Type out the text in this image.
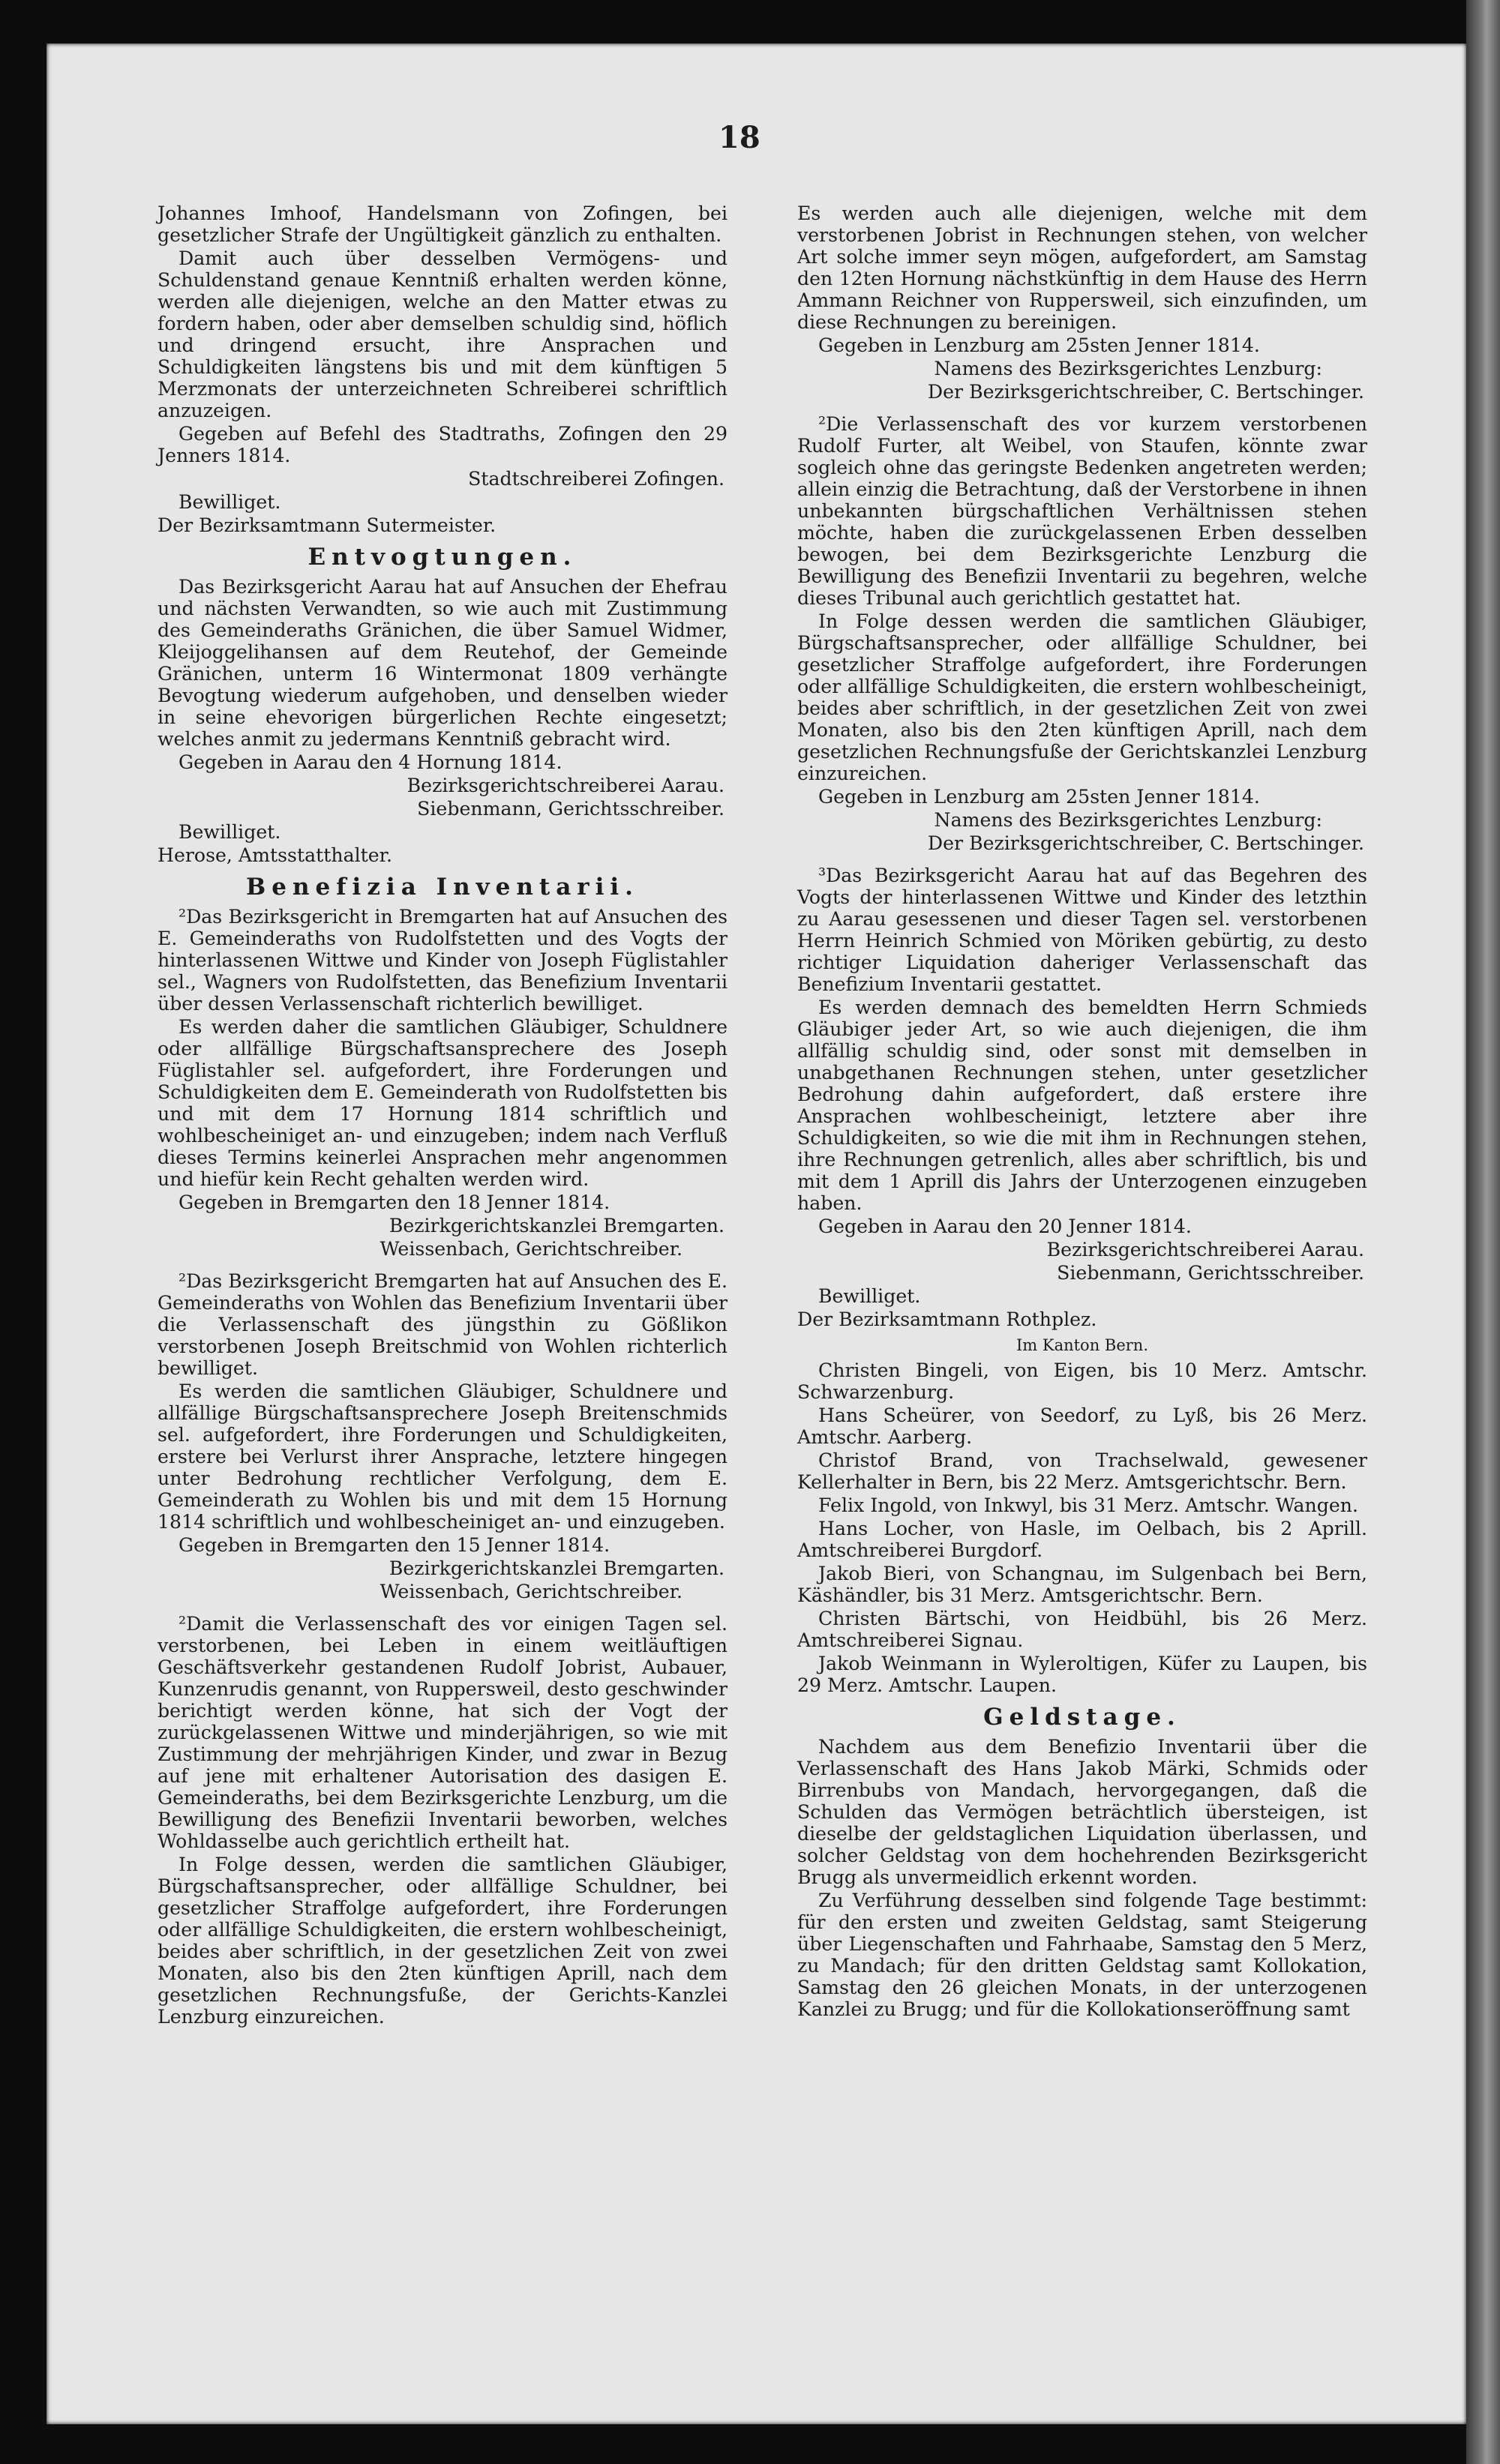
18

Johannes Imhoof, Handelsmann von Zofingen, bei gesetzlicher Strafe der Ungültigkeit gänzlich zu enthalten.

Damit auch über desselben Vermögens- und Schuldenstand genaue Kenntniß erhalten werden könne, werden alle diejenigen, welche an den Matter etwas zu fordern haben, oder aber demselben schuldig sind, höflich und dringend ersucht, ihre Ansprachen und Schuldigkeiten längstens bis und mit dem künftigen 5 Merzmonats der unterzeichneten Schreiberei schriftlich anzuzeigen.

Gegeben auf Befehl des Stadtraths, Zofingen den 29 Jenners 1814.

Stadtschreiberei Zofingen.

Bewilliget.

Der Bezirksamtmann Sutermeister.

Entvogtungen.

Das Bezirksgericht Aarau hat auf Ansuchen der Ehefrau und nächsten Verwandten, so wie auch mit Zustimmung des Gemeinderaths Gränichen, die über Samuel Widmer, Kleijoggelihansen auf dem Reutehof, der Gemeinde Gränichen, unterm 16 Wintermonat 1809 verhängte Bevogtung wiederum aufgehoben, und denselben wieder in seine ehevorigen bürgerlichen Rechte eingesetzt; welches anmit zu jedermans Kenntniß gebracht wird.

Gegeben in Aarau den 4 Hornung 1814.

Bezirksgerichtschreiberei Aarau.

Siebenmann, Gerichtsschreiber.

Bewilliget.

Herose, Amtsstatthalter.

Benefizia Inventarii.

²Das Bezirksgericht in Bremgarten hat auf Ansuchen des E. Gemeinderaths von Rudolfstetten und des Vogts der hinterlassenen Wittwe und Kinder von Joseph Füglistahler sel., Wagners von Rudolfstetten, das Benefizium Inventarii über dessen Verlassenschaft richterlich bewilliget.

Es werden daher die samtlichen Gläubiger, Schuldnere oder allfällige Bürgschaftsansprechere des Joseph Füglistahler sel. aufgefordert, ihre Forderungen und Schuldigkeiten dem E. Gemeinderath von Rudolfstetten bis und mit dem 17 Hornung 1814 schriftlich und wohlbescheiniget an- und einzugeben; indem nach Verfluß dieses Termins keinerlei Ansprachen mehr angenommen und hiefür kein Recht gehalten werden wird.

Gegeben in Bremgarten den 18 Jenner 1814.

Bezirkgerichtskanzlei Bremgarten.

Weissenbach, Gerichtschreiber.

²Das Bezirksgericht Bremgarten hat auf Ansuchen des E. Gemeinderaths von Wohlen das Benefizium Inventarii über die Verlassenschaft des jüngsthin zu Gößlikon verstorbenen Joseph Breitschmid von Wohlen richterlich bewilliget.

Es werden die samtlichen Gläubiger, Schuldnere und allfällige Bürgschaftsansprechere Joseph Breitenschmids sel. aufgefordert, ihre Forderungen und Schuldigkeiten, erstere bei Verlurst ihrer Ansprache, letztere hingegen unter Bedrohung rechtlicher Verfolgung, dem E. Gemeinderath zu Wohlen bis und mit dem 15 Hornung 1814 schriftlich und wohlbescheiniget an- und einzugeben.

Gegeben in Bremgarten den 15 Jenner 1814.

Bezirkgerichtskanzlei Bremgarten.

Weissenbach, Gerichtschreiber.

²Damit die Verlassenschaft des vor einigen Tagen sel. verstorbenen, bei Leben in einem weitläuftigen Geschäftsverkehr gestandenen Rudolf Jobrist, Aubauer, Kunzenrudis genannt, von Ruppersweil, desto geschwinder berichtigt werden könne, hat sich der Vogt der zurückgelassenen Wittwe und minderjährigen, so wie mit Zustimmung der mehrjährigen Kinder, und zwar in Bezug auf jene mit erhaltener Autorisation des dasigen E. Gemeinderaths, bei dem Bezirksgerichte Lenzburg, um die Bewilligung des Benefizii Inventarii beworben, welches Wohldasselbe auch gerichtlich ertheilt hat.

In Folge dessen, werden die samtlichen Gläubiger, Bürgschaftsansprecher, oder allfällige Schuldner, bei gesetzlicher Straffolge aufgefordert, ihre Forderungen oder allfällige Schuldigkeiten, die erstern wohlbescheinigt, beides aber schriftlich, in der gesetzlichen Zeit von zwei Monaten, also bis den 2ten künftigen Aprill, nach dem gesetzlichen Rechnungsfuße, der Gerichts-Kanzlei Lenzburg einzureichen.

Es werden auch alle diejenigen, welche mit dem verstorbenen Jobrist in Rechnungen stehen, von welcher Art solche immer seyn mögen, aufgefordert, am Samstag den 12ten Hornung nächstkünftig in dem Hause des Herrn Ammann Reichner von Ruppersweil, sich einzufinden, um diese Rechnungen zu bereinigen.

Gegeben in Lenzburg am 25sten Jenner 1814.

Namens des Bezirksgerichtes Lenzburg:

Der Bezirksgerichtschreiber, C. Bertschinger.

²Die Verlassenschaft des vor kurzem verstorbenen Rudolf Furter, alt Weibel, von Staufen, könnte zwar sogleich ohne das geringste Bedenken angetreten werden; allein einzig die Betrachtung, daß der Verstorbene in ihnen unbekannten bürgschaftlichen Verhältnissen stehen möchte, haben die zurückgelassenen Erben desselben bewogen, bei dem Bezirksgerichte Lenzburg die Bewilligung des Benefizii Inventarii zu begehren, welche dieses Tribunal auch gerichtlich gestattet hat.

In Folge dessen werden die samtlichen Gläubiger, Bürgschaftsansprecher, oder allfällige Schuldner, bei gesetzlicher Straffolge aufgefordert, ihre Forderungen oder allfällige Schuldigkeiten, die erstern wohlbescheinigt, beides aber schriftlich, in der gesetzlichen Zeit von zwei Monaten, also bis den 2ten künftigen Aprill, nach dem gesetzlichen Rechnungsfuße der Gerichtskanzlei Lenzburg einzureichen.

Gegeben in Lenzburg am 25sten Jenner 1814.

Namens des Bezirksgerichtes Lenzburg:

Der Bezirksgerichtschreiber, C. Bertschinger.

³Das Bezirksgericht Aarau hat auf das Begehren des Vogts der hinterlassenen Wittwe und Kinder des letzthin zu Aarau gesessenen und dieser Tagen sel. verstorbenen Herrn Heinrich Schmied von Möriken gebürtig, zu desto richtiger Liquidation daheriger Verlassenschaft das Benefizium Inventarii gestattet.

Es werden demnach des bemeldten Herrn Schmieds Gläubiger jeder Art, so wie auch diejenigen, die ihm allfällig schuldig sind, oder sonst mit demselben in unabgethanen Rechnungen stehen, unter gesetzlicher Bedrohung dahin aufgefordert, daß erstere ihre Ansprachen wohlbescheinigt, letztere aber ihre Schuldigkeiten, so wie die mit ihm in Rechnungen stehen, ihre Rechnungen getrenlich, alles aber schriftlich, bis und mit dem 1 Aprill dis Jahrs der Unterzogenen einzugeben haben.

Gegeben in Aarau den 20 Jenner 1814.

Bezirksgerichtschreiberei Aarau.

Siebenmann, Gerichtsschreiber.

Bewilliget.

Der Bezirksamtmann Rothplez.

Im Kanton Bern.

Christen Bingeli, von Eigen, bis 10 Merz. Amtschr. Schwarzenburg.

Hans Scheürer, von Seedorf, zu Lyß, bis 26 Merz. Amtschr. Aarberg.

Christof Brand, von Trachselwald, gewesener Kellerhalter in Bern, bis 22 Merz. Amtsgerichtschr. Bern.

Felix Ingold, von Inkwyl, bis 31 Merz. Amtschr. Wangen.

Hans Locher, von Hasle, im Oelbach, bis 2 Aprill. Amtschreiberei Burgdorf.

Jakob Bieri, von Schangnau, im Sulgenbach bei Bern, Käshändler, bis 31 Merz. Amtsgerichtschr. Bern.

Christen Bärtschi, von Heidbühl, bis 26 Merz. Amtschreiberei Signau.

Jakob Weinmann in Wyleroltigen, Küfer zu Laupen, bis 29 Merz. Amtschr. Laupen.

Geldstage.

Nachdem aus dem Benefizio Inventarii über die Verlassenschaft des Hans Jakob Märki, Schmids oder Birrenbubs von Mandach, hervorgegangen, daß die Schulden das Vermögen beträchtlich übersteigen, ist dieselbe der geldstaglichen Liquidation überlassen, und solcher Geldstag von dem hochehrenden Bezirksgericht Brugg als unvermeidlich erkennt worden.

Zu Verführung desselben sind folgende Tage bestimmt: für den ersten und zweiten Geldstag, samt Steigerung über Liegenschaften und Fahrhaabe, Samstag den 5 Merz, zu Mandach; für den dritten Geldstag samt Kollokation, Samstag den 26 gleichen Monats, in der unterzogenen Kanzlei zu Brugg; und für die Kollokationseröffnung samt
